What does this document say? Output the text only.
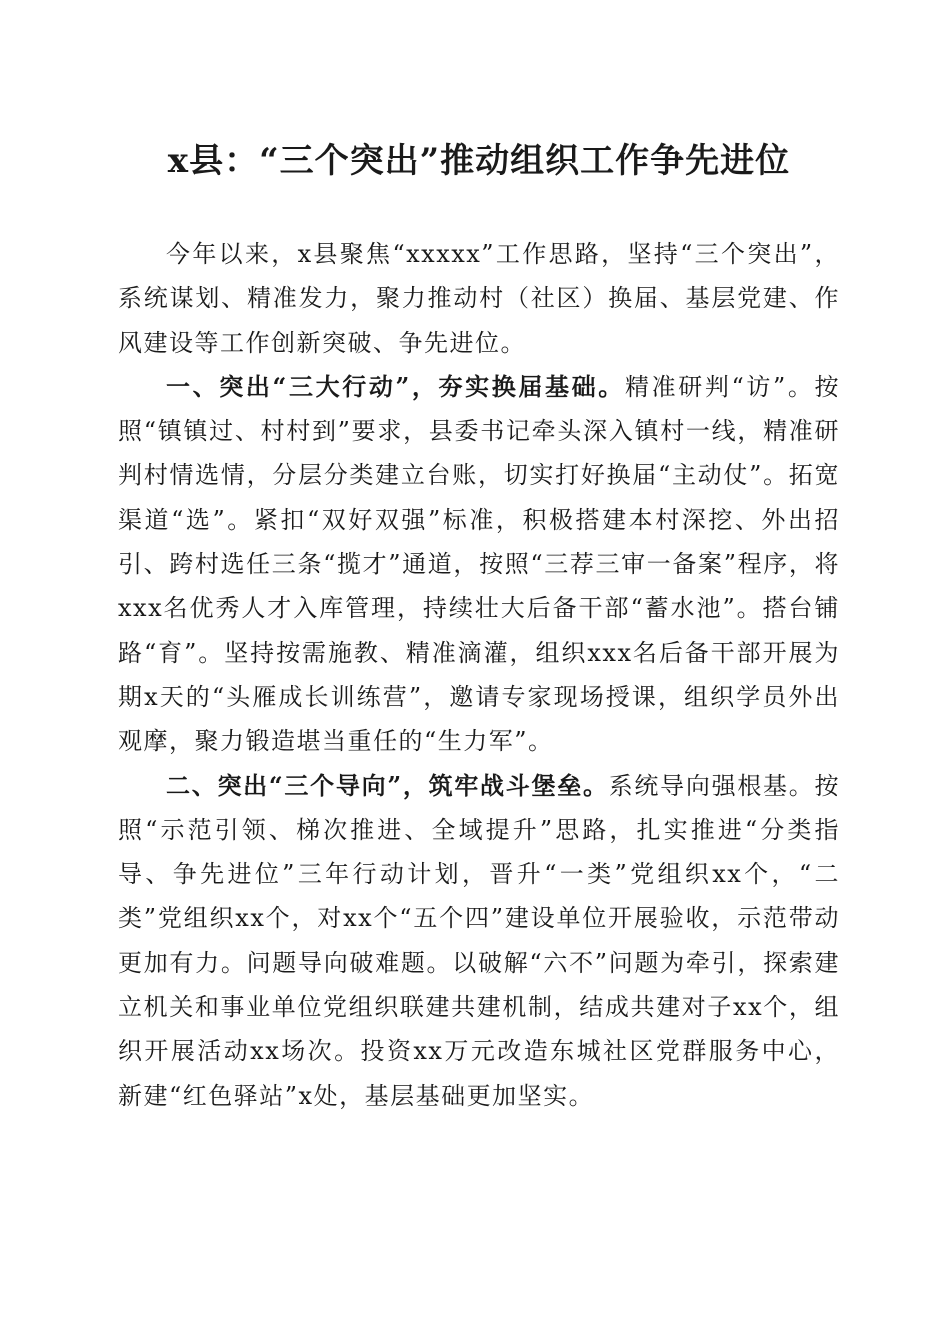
x县：“三个突出”推动组织工作争先进位

今年以来，x县聚焦“xxxxx”工作思路，坚持“三个突出”，系统谋划、精准发力，聚力推动村（社区）换届、基层党建、作风建设等工作创新突破、争先进位。

一、突出“三大行动”，夯实换届基础。精准研判“访”。按照“镇镇过、村村到”要求，县委书记牵头深入镇村一线，精准研判村情选情，分层分类建立台账，切实打好换届“主动仗”。拓宽渠道“选”。紧扣“双好双强”标准，积极搭建本村深挖、外出招引、跨村选任三条“揽才”通道，按照“三荐三审一备案”程序，将xxx名优秀人才入库管理，持续壮大后备干部“蓄水池”。搭台铺路“育”。坚持按需施教、精准滴灌，组织xxx名后备干部开展为期x天的“头雁成长训练营”，邀请专家现场授课，组织学员外出观摩，聚力锻造堪当重任的“生力军”。

二、突出“三个导向”，筑牢战斗堡垒。系统导向强根基。按照“示范引领、梯次推进、全域提升”思路，扎实推进“分类指导、争先进位”三年行动计划，晋升“一类”党组织xx个，“二类”党组织xx个，对xx个“五个四”建设单位开展验收，示范带动更加有力。问题导向破难题。以破解“六不”问题为牵引，探索建立机关和事业单位党组织联建共建机制，结成共建对子xx个，组织开展活动xx场次。投资xx万元改造东城社区党群服务中心，新建“红色驿站”x处，基层基础更加坚实。
